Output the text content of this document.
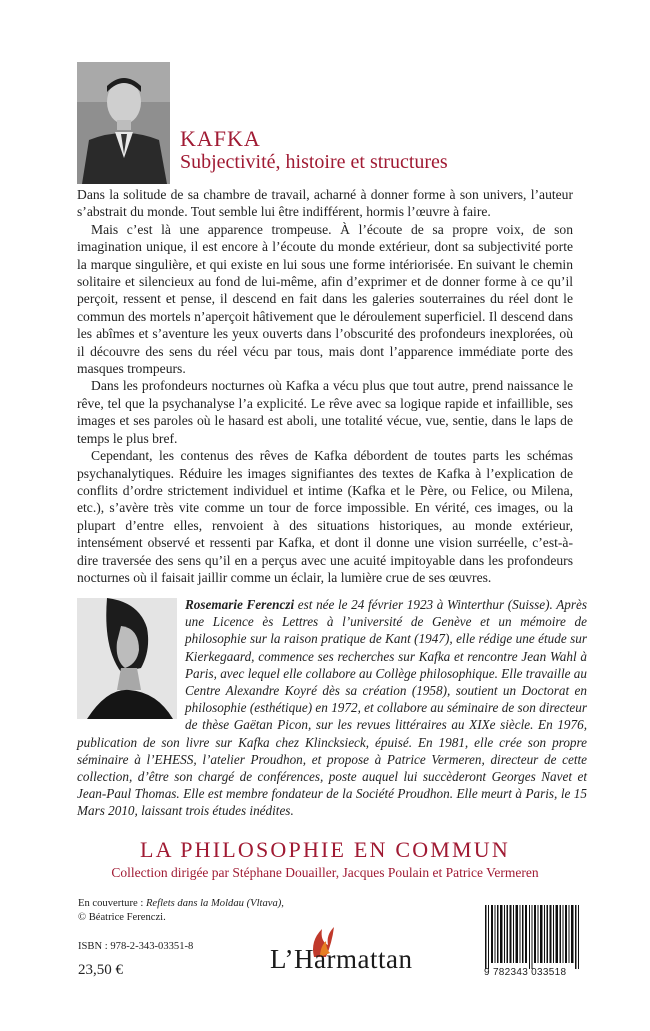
KAFKA
Subjectivité, histoire et structures

Dans la solitude de sa chambre de travail, acharné à donner forme à son univers, l’auteur s’abstrait du monde. Tout semble lui être indifférent, hormis l’œuvre à faire.

Mais c’est là une apparence trompeuse. À l’écoute de sa propre voix, de son imagination unique, il est encore à l’écoute du monde extérieur, dont sa subjectivité porte la marque singulière, et qui existe en lui sous une forme intériorisée. En suivant le chemin solitaire et silencieux au fond de lui-même, afin d’exprimer et de donner forme à ce qu’il perçoit, ressent et pense, il descend en fait dans les galeries souterraines du réel dont le commun des mortels n’aperçoit hâtivement que le déroulement superficiel. Il descend dans les abîmes et s’aventure les yeux ouverts dans l’obscurité des profondeurs inexplorées, où il découvre des sens du réel vécu par tous, mais dont l’apparence immédiate porte des masques trompeurs.

Dans les profondeurs nocturnes où Kafka a vécu plus que tout autre, prend naissance le rêve, tel que la psychanalyse l’a explicité. Le rêve avec sa logique rapide et infaillible, ses images et ses paroles où le hasard est aboli, une totalité vécue, vue, sentie, dans le laps de temps le plus bref.

Cependant, les contenus des rêves de Kafka débordent de toutes parts les schémas psychanalytiques. Réduire les images signifiantes des textes de Kafka à l’explication de conflits d’ordre strictement individuel et intime (Kafka et le Père, ou Felice, ou Milena, etc.), s’avère très vite comme un tour de force impossible. En vérité, ces images, ou la plupart d’entre elles, renvoient à des situations historiques, au monde extérieur, intensément observé et ressenti par Kafka, et dont il donne une vision surréelle, c’est-à-dire traversée des sens qu’il en a perçus avec une acuité impitoyable dans les profondeurs nocturnes où il faisait jaillir comme un éclair, la lumière crue de ses œuvres.

Rosemarie Ferenczi est née le 24 février 1923 à Winterthur (Suisse). Après une Licence ès Lettres à l’université de Genève et un mémoire de philosophie sur la raison pratique de Kant (1947), elle rédige une étude sur Kierkegaard, commence ses recherches sur Kafka et rencontre Jean Wahl à Paris, avec lequel elle collabore au Collège philosophique. Elle travaille au Centre Alexandre Koyré dès sa création (1958), soutient un Doctorat en philosophie (esthétique) en 1972, et collabore au séminaire de son directeur de thèse Gaëtan Picon, sur les revues littéraires au XIXe siècle. En 1976, publication de son livre sur Kafka chez Klincksieck, épuisé. En 1981, elle crée son propre séminaire à l’EHESS, l’atelier Proudhon, et propose à Patrice Vermeren, directeur de cette collection, d’être son chargé de conférences, poste auquel lui succèderont Georges Navet et Jean-Paul Thomas. Elle est membre fondateur de la Société Proudhon. Elle meurt à Paris, le 15 Mars 2010, laissant trois études inédites.
LA PHILOSOPHIE EN COMMUN
Collection dirigée par Stéphane Douailler, Jacques Poulain et Patrice Vermeren
En couverture : Reflets dans la Moldau (Vltava),
© Béatrice Ferenczi.
ISBN : 978-2-343-03351-8
23,50 €	L’Harmattan	9 782343 033518
